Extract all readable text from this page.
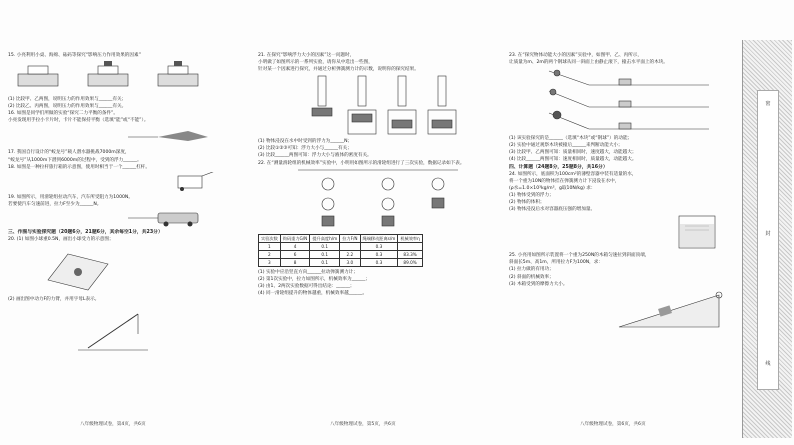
15. 小亮利用小桌、海绵、砝码等探究“影响压力作用效果的因素”

(1) 比较甲、乙两图，说明压力的作用效果与______有关；

(2) 比较乙、丙两图，说明压力的作用效果与______有关。

16. 如图是同学们所做的实验“探究二力平衡的条件”。

小亮发现用手拉小卡片时，卡片不能保持平衡（选填“能”或“不能”）。

17. 我国自行设计的“蛟龙号”载人潜水器挑战7000m深度，

“蛟龙号”从1000m下潜到6000m的过程中，受到的浮力______。

18. 如图是一种拉杆旅行箱的示意图，使用时相当于一个______杠杆。

19. 如图所示，用滑轮组拉动汽车，汽车所受阻力为1000N。

若要使汽车匀速前进，拉力F至少为______N。

三、作图与实验探究题（20题6分，21题6分，其余每空1分，共23分）

20. (1) 如图小球重0.5N，画出小球受力的示意图；

(2) 画出图中动力F的力臂，并用字母L表示。

八年级物理试卷，第4页，共6页

21. 在探究“影响浮力大小的因素”这一问题时，

小明做了如图所示的一系列实验，请你从中选出一些图，

针对某一个因素进行探究，并通过分析弹簧测力计的示数，说明你的探究结果。

(1) 物体浸没在水中时受到的浮力为______N；

(2) 比较①②③可知：浮力大小与______有关；

(3) 比较______两图可知：浮力大小与液体的密度有关。

22. 在“测量滑轮组的机械效率”实验中，小明用如图所示的滑轮组进行了三次实验，数据记录如下表。

实验次数	钩码重力G/N	提升高度h/m	拉力F/N	绳端移动距离s/m	机械效率η
1	4	0.1		0.3	
2	6	0.1	2.2	0.3	83.3%
3	8	0.1	3.0	0.3	89.0%

(1) 实验中应沿竖直方向______拉动弹簧测力计；

(2) 第1次实验中，拉力如图所示，机械效率为______；

(3) 由1、2两次实验数据可得出结论：______；

(4) 同一滑轮组提升的物体越重，机械效率越______。

八年级物理试卷，第5页，共6页

23. 在“探究物体动能大小的因素”实验中，如图甲、乙、丙所示，

让质量为m、2m的两个钢球从同一斜面上由静止滚下，撞击水平面上的木块。

(1) 该实验探究的是______（选填“木块”或“钢球”）的动能；

(2) 实验中通过观察木块被撞后______来判断动能大小；

(3) 比较甲、乙两图可知：质量相同时，速度越大，动能越大；

(4) 比较______两图可知：速度相同时，质量越大，动能越大。

四、计算题（24题8分，25题8分，共16分）

24. 如图所示，底面积为100cm²的薄壁容器中装有适量的水，

将一个重为10N的物体挂在弹簧测力计下浸没在水中，

(ρ水=1.0×10³kg/m³，g取10N/kg) 求：

(1) 物体受到的浮力；

(2) 物体的体积；

(3) 物体浸没后水对容器底压强的增加量。

25. 小亮用如图所示装置将一个重为250N的木箱匀速拉到斜面顶端，

斜面长5m、高1m，所用拉力F为100N，求：

(1) 拉力做的有用功；

(2) 斜面的机械效率；

(3) 木箱受到的摩擦力大小。

八年级物理试卷，第6页，共6页
密
封
线
